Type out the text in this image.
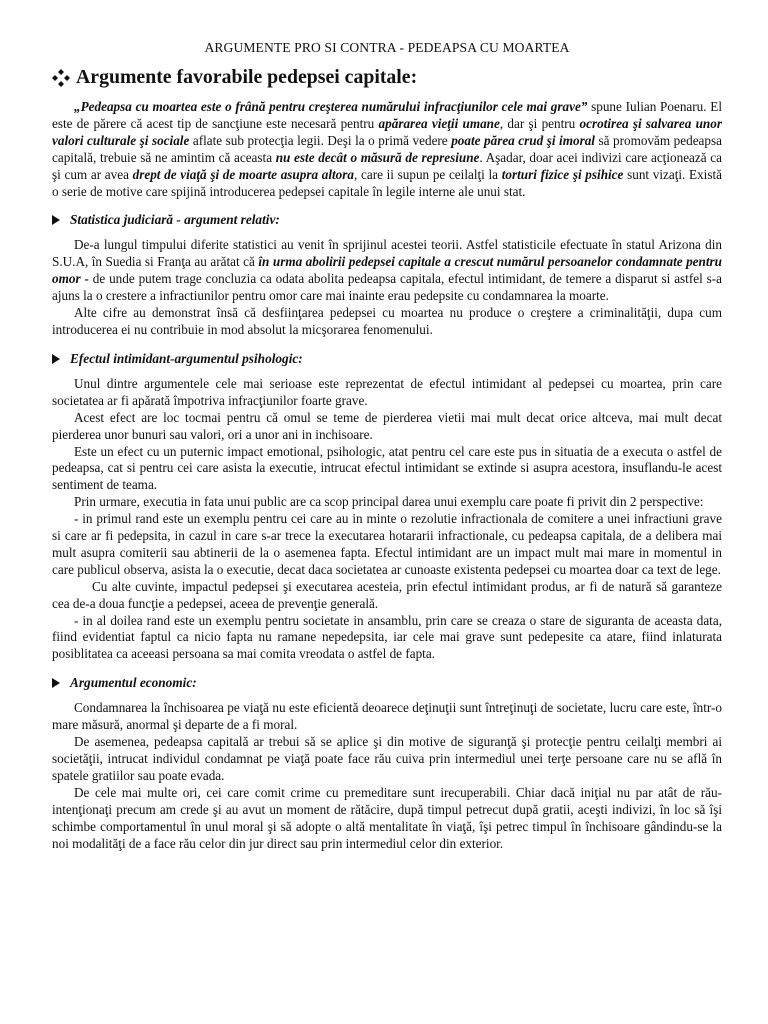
ARGUMENTE PRO SI CONTRA - PEDEAPSA CU MOARTEA
Argumente favorabile pedepsei capitale:

„Pedeapsa cu moartea este o frână pentru creşterea numărului infracţiunilor cele mai grave” spune Iulian Poenaru. El este de părere că acest tip de sancţiune este necesară pentru apărarea vieţii umane, dar şi pentru ocrotirea şi salvarea unor valori culturale şi sociale aflate sub protecţia legii. Deşi la o primă vedere poate părea crud şi imoral să promovăm pedeapsa capitală, trebuie să ne amintim că aceasta nu este decât o măsură de represiune. Aşadar, doar acei indivizi care acţionează ca şi cum ar avea drept de viaţă şi de moarte asupra altora, care ii supun pe ceilalţi la torturi fizice şi psihice sunt vizaţi. Există o serie de motive care spijină introducerea pedepsei capitale în legile interne ale unui stat.

Statistica judiciară - argument relativ:

De-a lungul timpului diferite statistici au venit în sprijinul acestei teorii. Astfel statisticile efectuate în statul Arizona din S.U.A, în Suedia si Franţa au arătat că în urma abolirii pedepsei capitale a crescut numărul persoanelor condamnate pentru omor - de unde putem trage concluzia ca odata abolita pedeapsa capitala, efectul intimidant, de temere a disparut si astfel s-a ajuns la o crestere a infractiunilor pentru omor care mai inainte erau pedepsite cu condamnarea la moarte.

Alte cifre au demonstrat însă că desfiinţarea pedepsei cu moartea nu produce o creştere a criminalităţii, dupa cum introducerea ei nu contribuie in mod absolut la micşorarea fenomenului.

Efectul intimidant-argumentul psihologic:

Unul dintre argumentele cele mai serioase este reprezentat de efectul intimidant al pedepsei cu moartea, prin care societatea ar fi apărată împotriva infracţiunilor foarte grave.

Acest efect are loc tocmai pentru că omul se teme de pierderea vietii mai mult decat orice altceva, mai mult decat pierderea unor bunuri sau valori, ori a unor ani in inchisoare.

Este un efect cu un puternic impact emotional, psihologic, atat pentru cel care este pus in situatia de a executa o astfel de pedeapsa, cat si pentru cei care asista la executie, intrucat efectul intimidant se extinde si asupra acestora, insuflandu-le acest sentiment de teama.

Prin urmare, executia in fata unui public are ca scop principal darea unui exemplu care poate fi privit din 2 perspective:

- in primul rand este un exemplu pentru cei care au in minte o rezolutie infractionala de comitere a unei infractiuni grave si care ar fi pedepsita, in cazul in care s-ar trece la executarea hotararii infractionale, cu pedeapsa capitala, de a delibera mai mult asupra comiterii sau abtinerii de la o asemenea fapta. Efectul intimidant are un impact mult mai mare in momentul in care publicul observa, asista la o executie, decat daca societatea ar cunoaste existenta pedepsei cu moartea doar ca text de lege.

Cu alte cuvinte, impactul pedepsei şi executarea acesteia, prin efectul intimidant produs, ar fi de natură să garanteze cea de-a doua funcţie a pedepsei, aceea de prevenţie generală.

- in al doilea rand este un exemplu pentru societate in ansamblu, prin care se creaza o stare de siguranta de aceasta data, fiind evidentiat faptul ca nicio fapta nu ramane nepedepsita, iar cele mai grave sunt pedepesite ca atare, fiind inlaturata posiblitatea ca aceeasi persoana sa mai comita vreodata o astfel de fapta.

Argumentul economic:

Condamnarea la închisoarea pe viaţă nu este eficientă deoarece deţinuţii sunt întreţinuţi de societate, lucru care este, într-o mare măsură, anormal şi departe de a fi moral.

De asemenea, pedeapsa capitală ar trebui să se aplice şi din motive de siguranţă şi protecţie pentru ceilalţi membri ai societăţii, intrucat individul condamnat pe viaţă poate face rău cuiva prin intermediul unei terţe persoane care nu se află în spatele gratiilor sau poate evada.

De cele mai multe ori, cei care comit crime cu premeditare sunt irecuperabili. Chiar dacă iniţial nu par atât de rău-intenţionaţi precum am crede şi au avut un moment de rătăcire, după timpul petrecut după gratii, aceşti indivizi, în loc să îşi schimbe comportamentul în unul moral şi să adopte o altă mentalitate în viaţă, îşi petrec timpul în închisoare gândindu-se la noi modalităţi de a face rău celor din jur direct sau prin intermediul celor din exterior.
